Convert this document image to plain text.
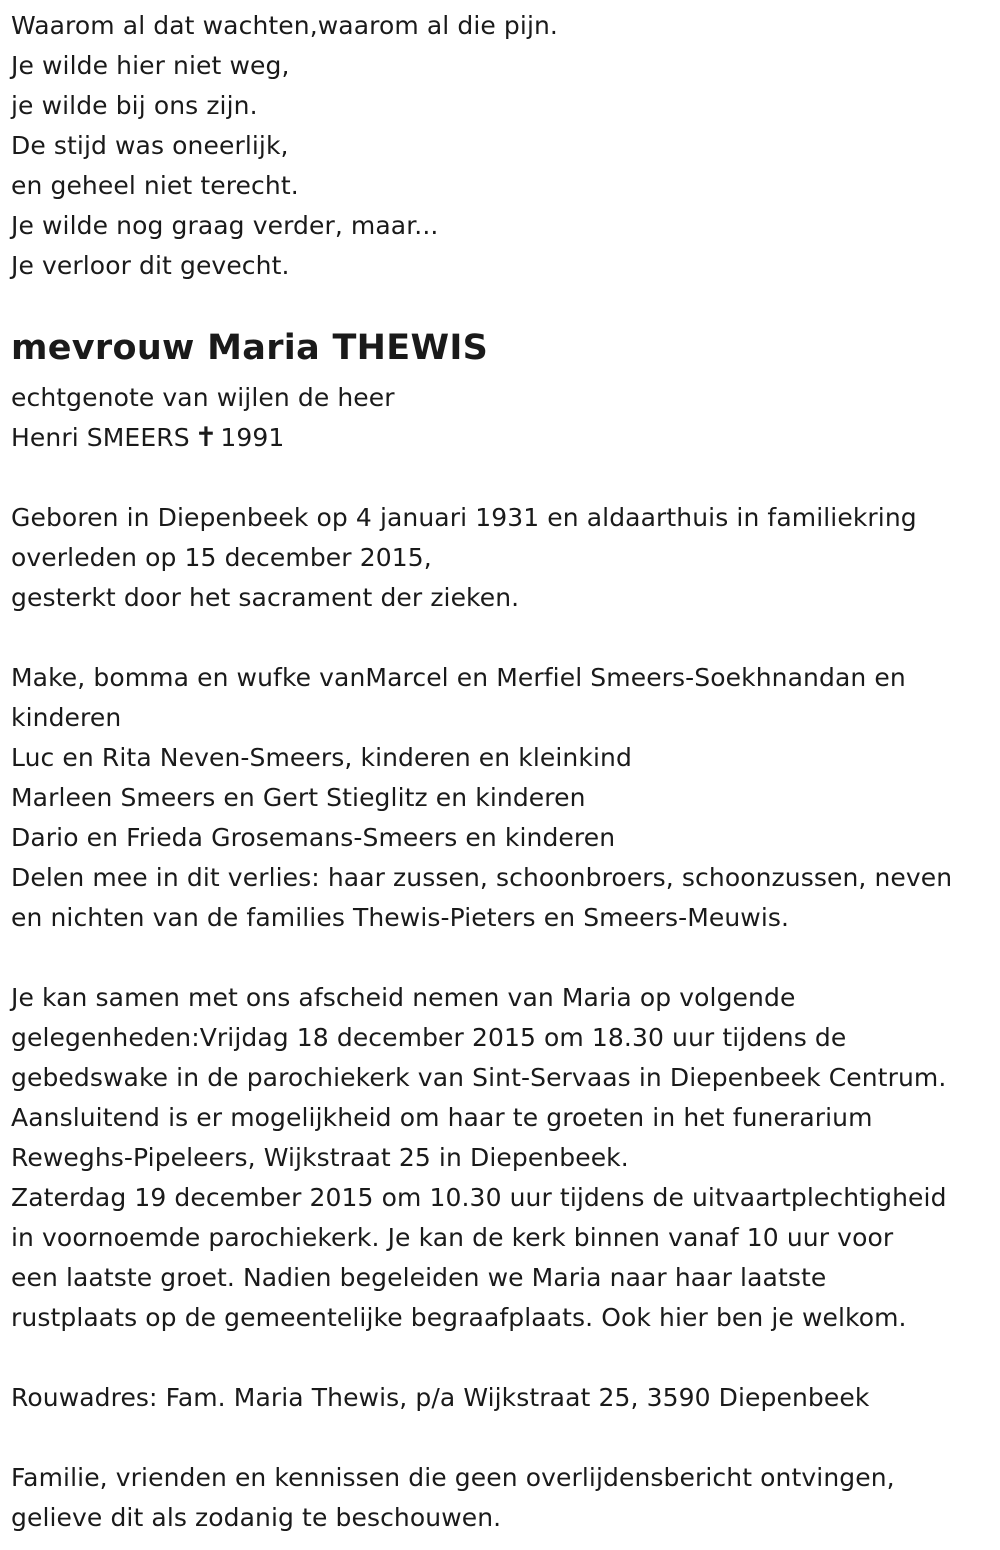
Waarom al dat wachten,waarom al die pijn.
Je wilde hier niet weg,
je wilde bij ons zijn.
De stijd was oneerlijk,
en geheel niet terecht.
Je wilde nog graag verder, maar...
Je verloor dit gevecht.
mevrouw Maria THEWIS
echtgenote van wijlen de heer
Henri SMEERS ✝ 1991
Geboren in Diepenbeek op 4 januari 1931 en aldaarthuis in familiekring
overleden op 15 december 2015,
gesterkt door het sacrament der zieken.
Make, bomma en wufke vanMarcel en Merfiel Smeers-Soekhnandan en
kinderen
Luc en Rita Neven-Smeers, kinderen en kleinkind
Marleen Smeers en Gert Stieglitz en kinderen
Dario en Frieda Grosemans-Smeers en kinderen
Delen mee in dit verlies: haar zussen, schoonbroers, schoonzussen, neven
en nichten van de families Thewis-Pieters en Smeers-Meuwis.
Je kan samen met ons afscheid nemen van Maria op volgende
gelegenheden:Vrijdag 18 december 2015 om 18.30 uur tijdens de
gebedswake in de parochiekerk van Sint-Servaas in Diepenbeek Centrum.
Aansluitend is er mogelijkheid om haar te groeten in het funerarium
Reweghs-Pipeleers, Wijkstraat 25 in Diepenbeek.
Zaterdag 19 december 2015 om 10.30 uur tijdens de uitvaartplechtigheid
in voornoemde parochiekerk. Je kan de kerk binnen vanaf 10 uur voor
een laatste groet. Nadien begeleiden we Maria naar haar laatste
rustplaats op de gemeentelijke begraafplaats. Ook hier ben je welkom.
Rouwadres: Fam. Maria Thewis, p/a Wijkstraat 25, 3590 Diepenbeek
Familie, vrienden en kennissen die geen overlijdensbericht ontvingen,
gelieve dit als zodanig te beschouwen.
